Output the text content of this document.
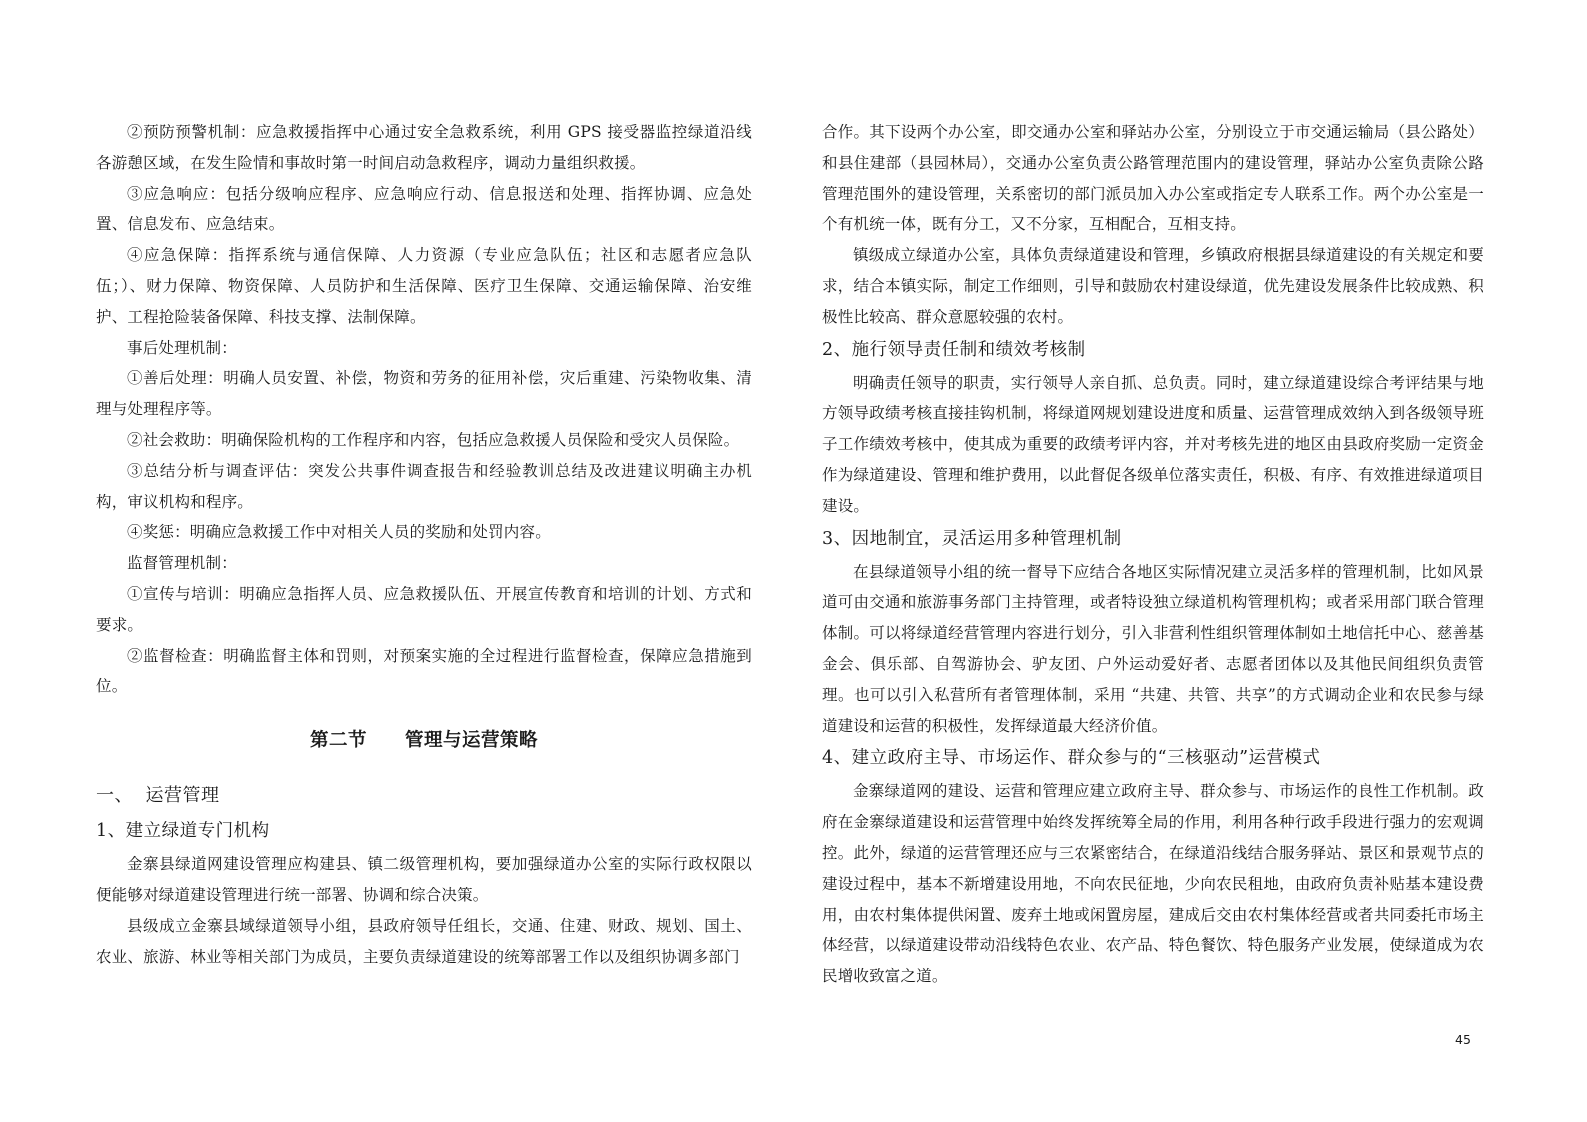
②预防预警机制：应急救援指挥中心通过安全急救系统，利用 GPS 接受器监控绿道沿线各游憩区域，在发生险情和事故时第一时间启动急救程序，调动力量组织救援。

③应急响应：包括分级响应程序、应急响应行动、信息报送和处理、指挥协调、应急处置、信息发布、应急结束。

④应急保障：指挥系统与通信保障、人力资源（专业应急队伍；社区和志愿者应急队伍；）、财力保障、物资保障、人员防护和生活保障、医疗卫生保障、交通运输保障、治安维护、工程抢险装备保障、科技支撑、法制保障。

事后处理机制：

①善后处理：明确人员安置、补偿，物资和劳务的征用补偿，灾后重建、污染物收集、清理与处理程序等。

②社会救助：明确保险机构的工作程序和内容，包括应急救援人员保险和受灾人员保险。

③总结分析与调查评估：突发公共事件调查报告和经验教训总结及改进建议明确主办机构，审议机构和程序。

④奖惩：明确应急救援工作中对相关人员的奖励和处罚内容。

监督管理机制：

①宣传与培训：明确应急指挥人员、应急救援队伍、开展宣传教育和培训的计划、方式和要求。

②监督检查：明确监督主体和罚则，对预案实施的全过程进行监督检查，保障应急措施到位。

第二节 管理与运营策略
一、  运营管理
1、建立绿道专门机构

金寨县绿道网建设管理应构建县、镇二级管理机构，要加强绿道办公室的实际行政权限以便能够对绿道建设管理进行统一部署、协调和综合决策。

县级成立金寨县域绿道领导小组，县政府领导任组长，交通、住建、财政、规划、国土、农业、旅游、林业等相关部门为成员，主要负责绿道建设的统筹部署工作以及组织协调多部门

合作。其下设两个办公室，即交通办公室和驿站办公室，分别设立于市交通运输局（县公路处）和县住建部（县园林局），交通办公室负责公路管理范围内的建设管理，驿站办公室负责除公路管理范围外的建设管理，关系密切的部门派员加入办公室或指定专人联系工作。两个办公室是一个有机统一体，既有分工，又不分家，互相配合，互相支持。

镇级成立绿道办公室，具体负责绿道建设和管理，乡镇政府根据县绿道建设的有关规定和要求，结合本镇实际，制定工作细则，引导和鼓励农村建设绿道，优先建设发展条件比较成熟、积极性比较高、群众意愿较强的农村。

2、施行领导责任制和绩效考核制

明确责任领导的职责，实行领导人亲自抓、总负责。同时，建立绿道建设综合考评结果与地方领导政绩考核直接挂钩机制，将绿道网规划建设进度和质量、运营管理成效纳入到各级领导班子工作绩效考核中，使其成为重要的政绩考评内容，并对考核先进的地区由县政府奖励一定资金作为绿道建设、管理和维护费用，以此督促各级单位落实责任，积极、有序、有效推进绿道项目建设。

3、因地制宜，灵活运用多种管理机制

在县绿道领导小组的统一督导下应结合各地区实际情况建立灵活多样的管理机制，比如风景道可由交通和旅游事务部门主持管理，或者特设独立绿道机构管理机构；或者采用部门联合管理体制。可以将绿道经营管理内容进行划分，引入非营利性组织管理体制如土地信托中心、慈善基金会、俱乐部、自驾游协会、驴友团、户外运动爱好者、志愿者团体以及其他民间组织负责管理。也可以引入私营所有者管理体制，采用 “共建、共管、共享”的方式调动企业和农民参与绿道建设和运营的积极性，发挥绿道最大经济价值。

4、建立政府主导、市场运作、群众参与的“三核驱动”运营模式

金寨绿道网的建设、运营和管理应建立政府主导、群众参与、市场运作的良性工作机制。政府在金寨绿道建设和运营管理中始终发挥统筹全局的作用，利用各种行政手段进行强力的宏观调控。此外，绿道的运营管理还应与三农紧密结合，在绿道沿线结合服务驿站、景区和景观节点的建设过程中，基本不新增建设用地，不向农民征地，少向农民租地，由政府负责补贴基本建设费用，由农村集体提供闲置、废弃土地或闲置房屋，建成后交由农村集体经营或者共同委托市场主体经营，以绿道建设带动沿线特色农业、农产品、特色餐饮、特色服务产业发展，使绿道成为农民增收致富之道。

45
